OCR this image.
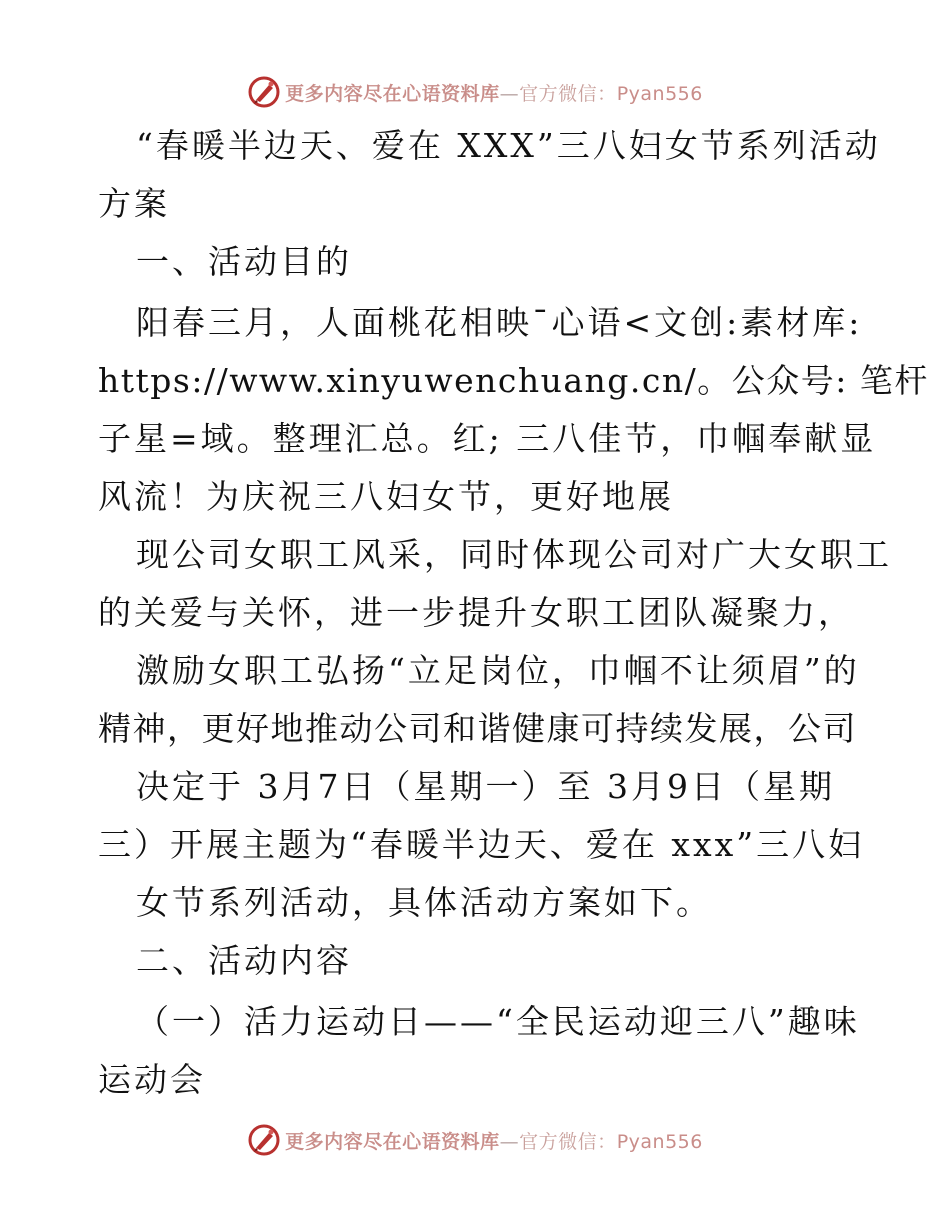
更多内容尽在心语资料库—官方微信：Pyan556
“春暖半边天、爱在 XXX”三八妇女节系列活动
方案
一、活动目的
阳春三月，人面桃花相映¯心语<文创:素材库:
https://www.xinyuwenchuang.cn/。公众号: 笔杆
子星=域。整理汇总。红; 三八佳节，巾帼奉献显
风流！为庆祝三八妇女节，更好地展
现公司女职工风采，同时体现公司对广大女职工
的关爱与关怀，进一步提升女职工团队凝聚力，
激励女职工弘扬“立足岗位，巾帼不让须眉”的
精神，更好地推动公司和谐健康可持续发展，公司
决定于 3月7日（星期一）至 3月9日（星期
三）开展主题为“春暖半边天、爱在 xxx”三八妇
女节系列活动，具体活动方案如下。
二、活动内容
（一）活力运动日——“全民运动迎三八”趣味
运动会
更多内容尽在心语资料库—官方微信：Pyan556
